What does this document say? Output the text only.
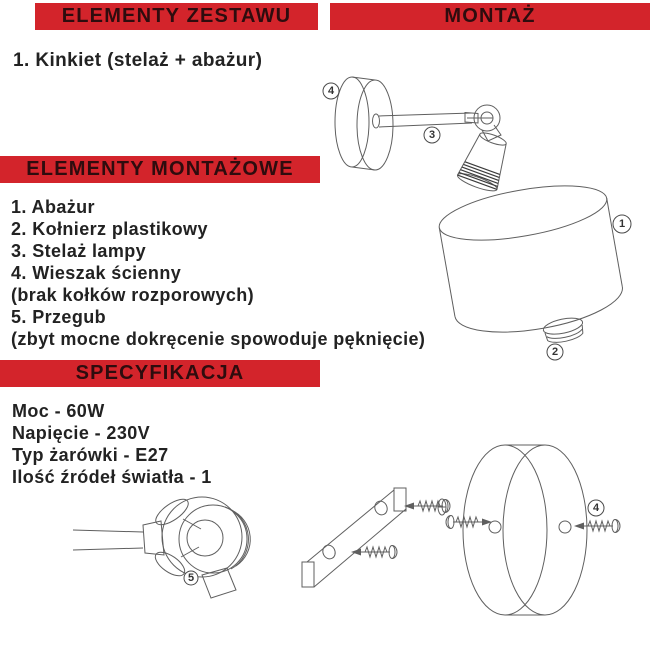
ELEMENTY ZESTAWU	MONTAŻ
ELEMENTY MONTAŻOWE
SPECYFIKACJA
1. Kinkiet (stelaż + abażur)
1. Abażur
2. Kołnierz plastikowy
3. Stelaż lampy
4. Wieszak ścienny
(brak kołków rozporowych)
5. Przegub
(zbyt mocne dokręcenie spowoduje pęknięcie)
Moc - 60W
Napięcie - 230V
Typ żarówki - E27
Ilość źródeł światła - 1
4
3
1
2
5
4
